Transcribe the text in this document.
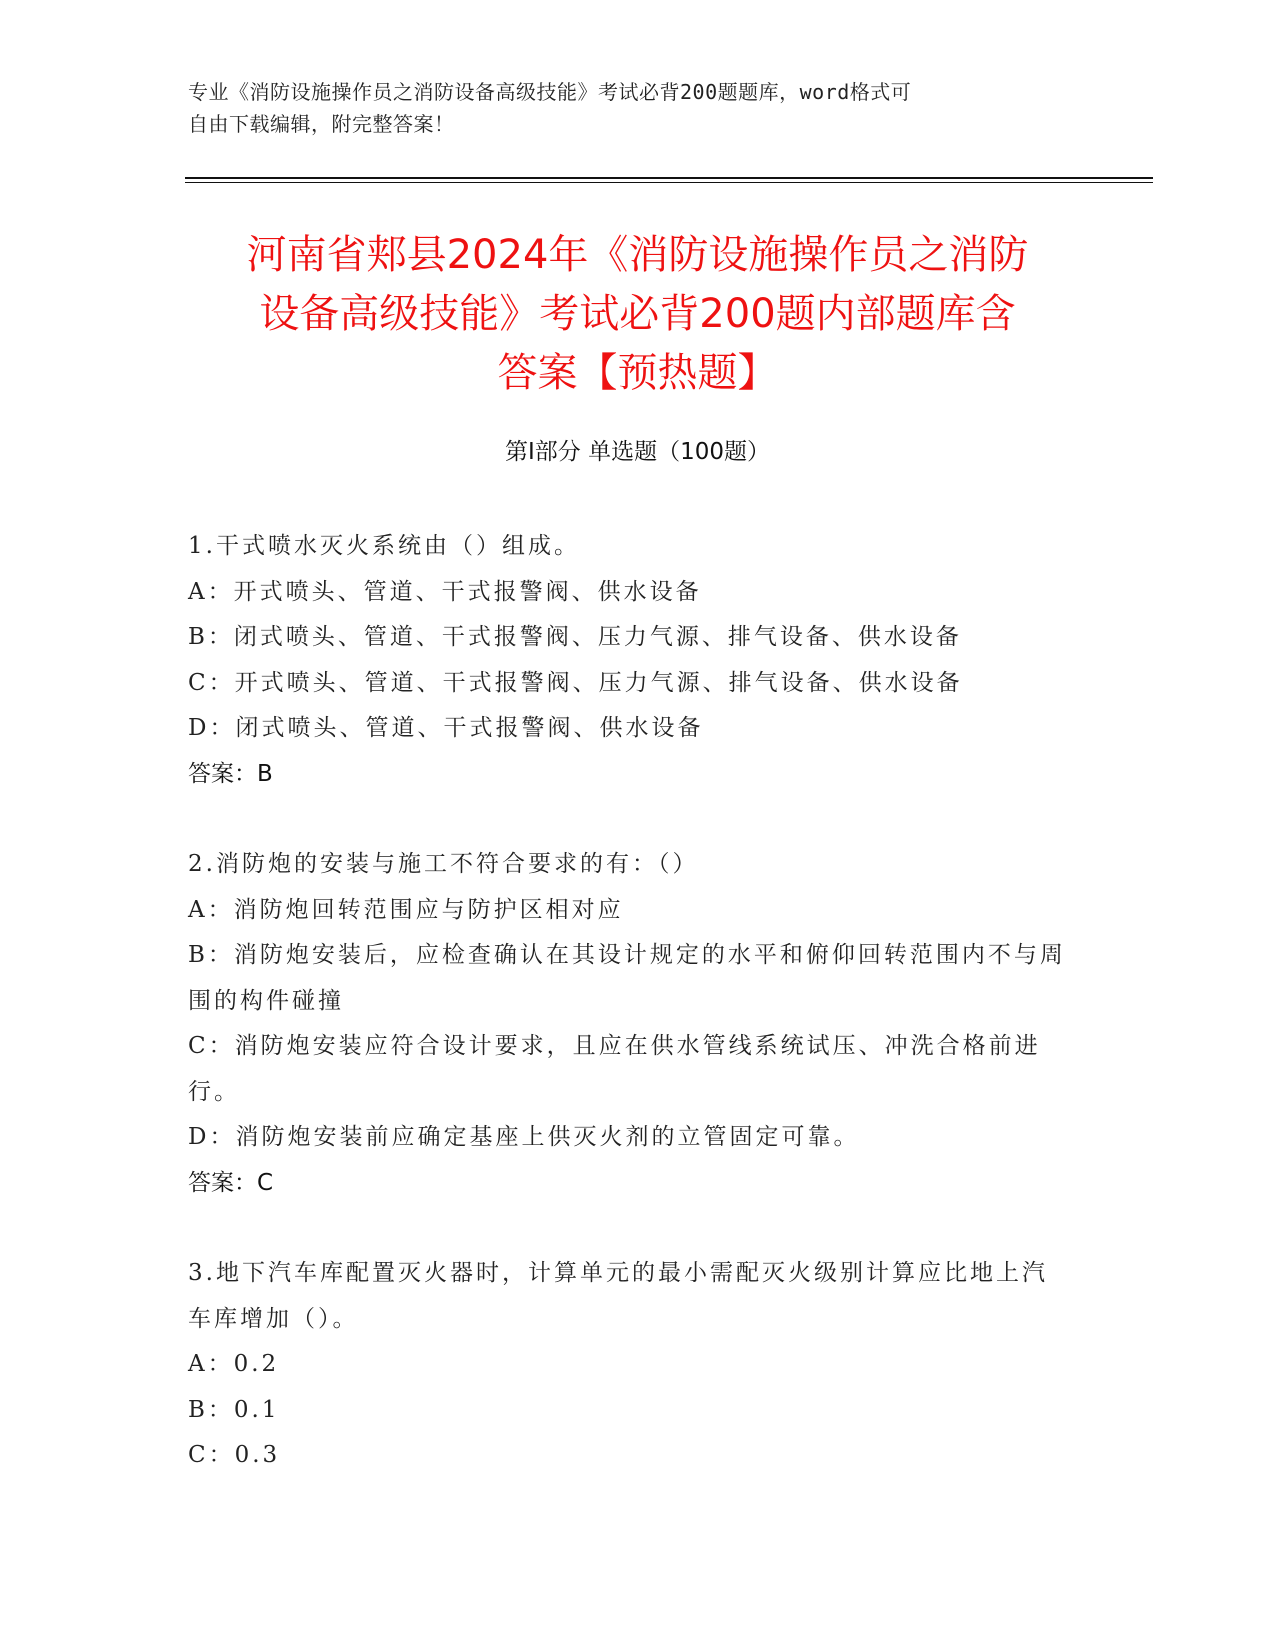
专业《消防设施操作员之消防设备高级技能》考试必背200题题库，word格式可
自由下载编辑，附完整答案！
河南省郏县2024年《消防设施操作员之消防
设备高级技能》考试必背200题内部题库含
答案【预热题】
第Ⅰ部分 单选题（100题）

1.干式喷水灭火系统由（）组成。

A：开式喷头、管道、干式报警阀、供水设备

B：闭式喷头、管道、干式报警阀、压力气源、排气设备、供水设备

C：开式喷头、管道、干式报警阀、压力气源、排气设备、供水设备

D：闭式喷头、管道、干式报警阀、供水设备

答案：B

2.消防炮的安装与施工不符合要求的有：（）

A：消防炮回转范围应与防护区相对应

B：消防炮安装后，应检查确认在其设计规定的水平和俯仰回转范围内不与周围的构件碰撞

C：消防炮安装应符合设计要求，且应在供水管线系统试压、冲洗合格前进行。

D：消防炮安装前应确定基座上供灭火剂的立管固定可靠。

答案：C

3.地下汽车库配置灭火器时，计算单元的最小需配灭火级别计算应比地上汽车库增加（）。

A：0.2

B：0.1

C：0.3
